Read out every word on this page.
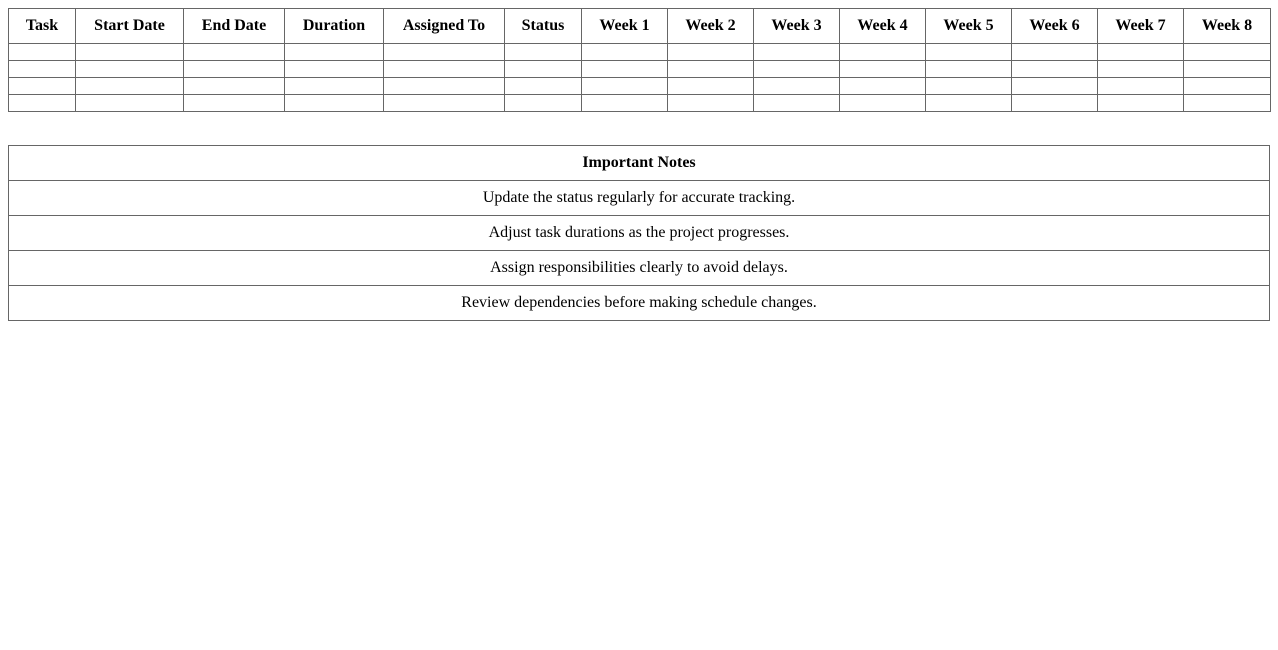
Task	Start Date	End Date	Duration	Assigned To	Status	Week 1	Week 2	Week 3	Week 4	Week 5	Week 6	Week 7	Week 8

Important Notes
Update the status regularly for accurate tracking.
Adjust task durations as the project progresses.
Assign responsibilities clearly to avoid delays.
Review dependencies before making schedule changes.
